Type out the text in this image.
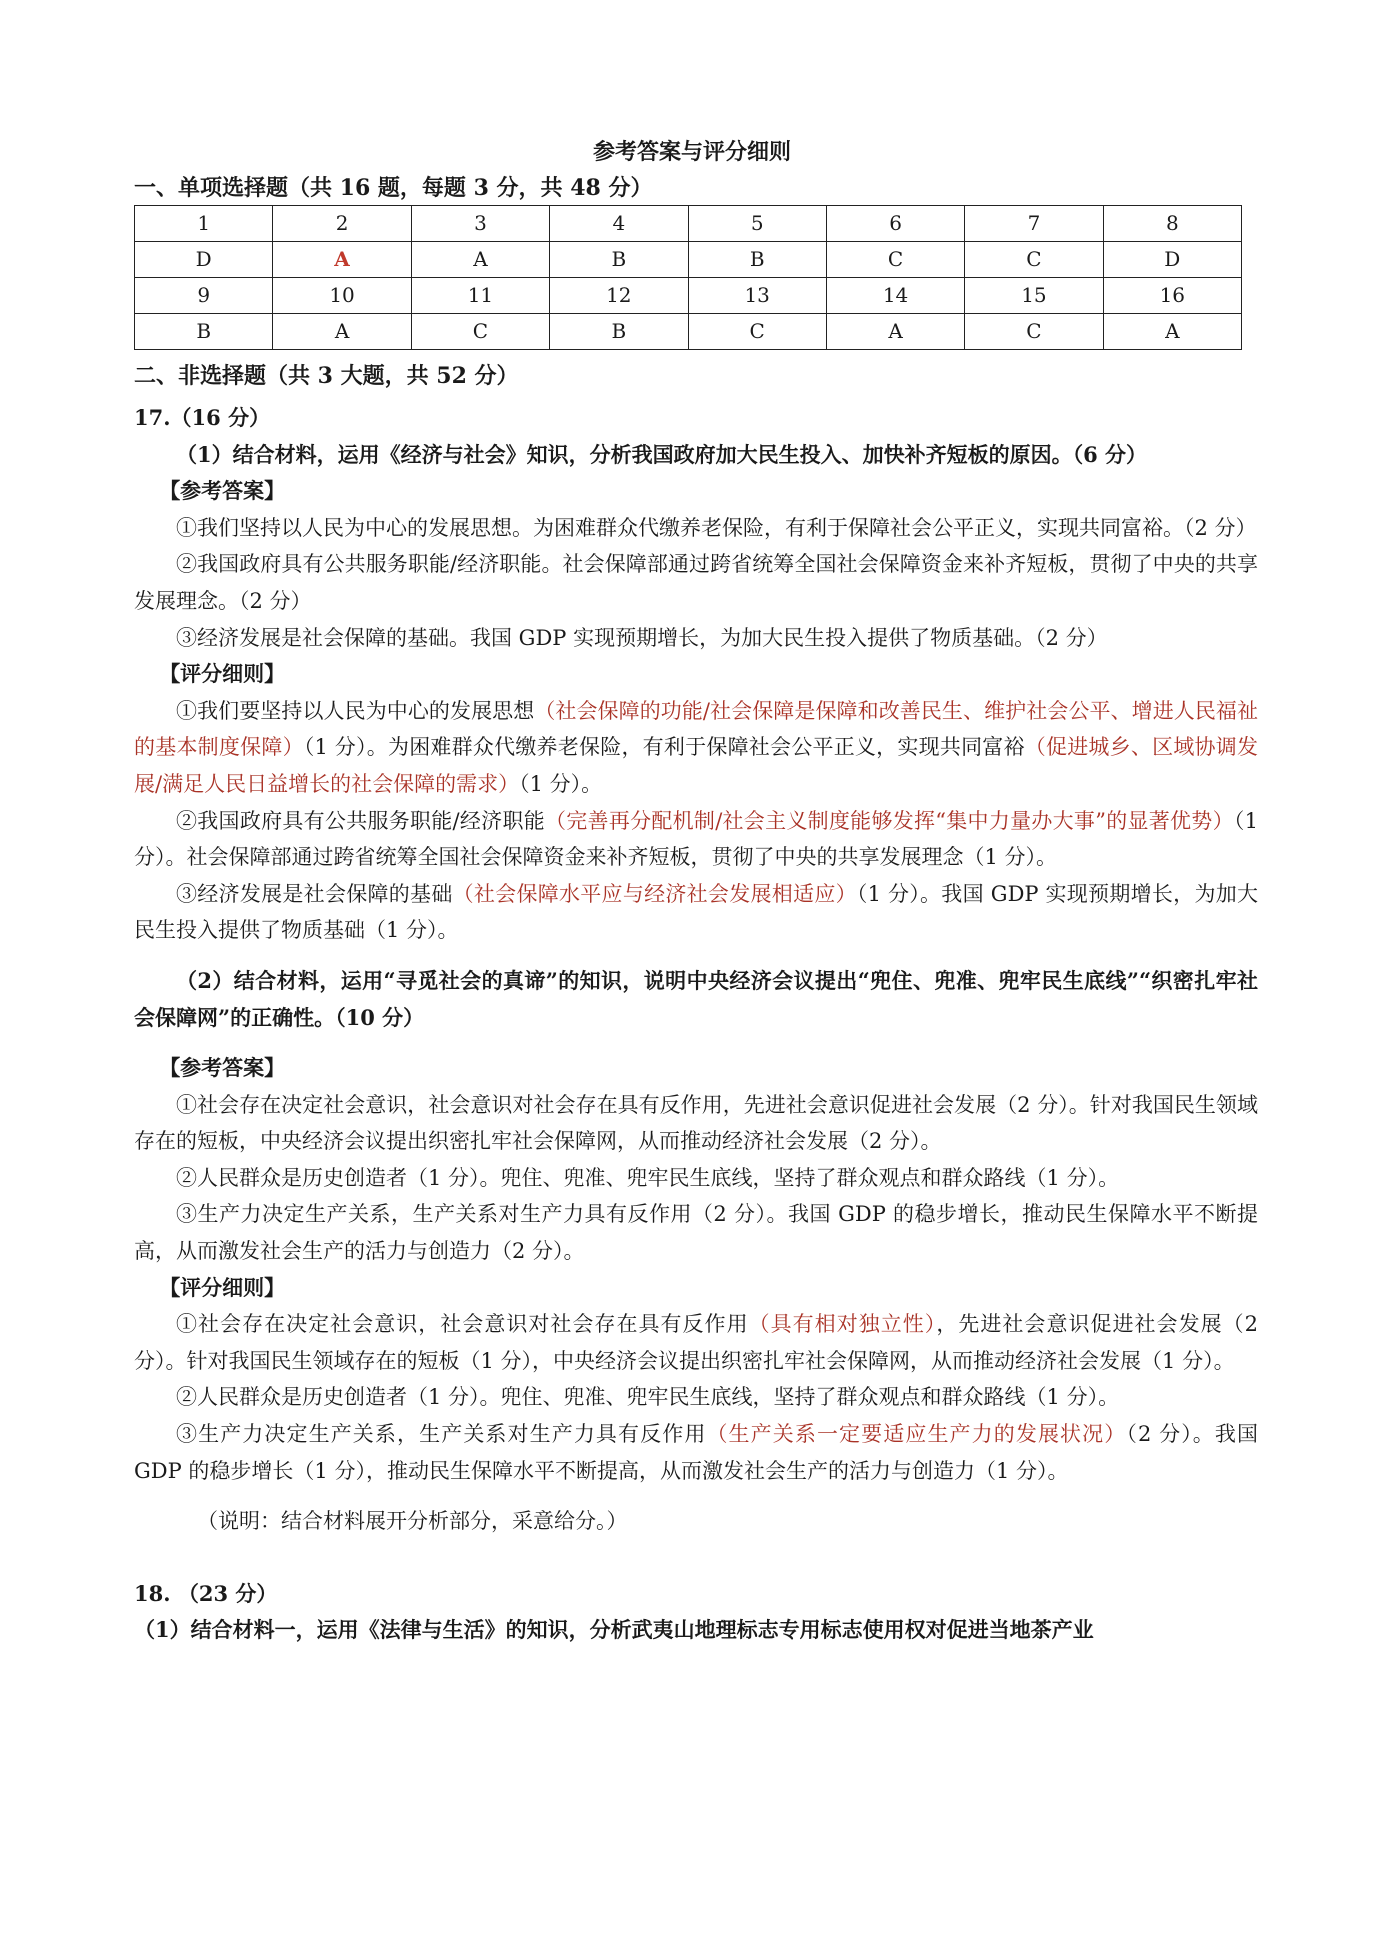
参考答案与评分细则
一、单项选择题（共 16 题，每题 3 分，共 48 分）
1	2	3	4	5	6	7	8
D	A	A	B	B	C	C	D
9	10	11	12	13	14	15	16
B	A	C	B	C	A	C	A
二、非选择题（共 3 大题，共 52 分）

17.（16 分）

（1）结合材料，运用《经济与社会》知识，分析我国政府加大民生投入、加快补齐短板的原因。（6 分）

【参考答案】

①我们坚持以人民为中心的发展思想。为困难群众代缴养老保险，有利于保障社会公平正义，实现共同富裕。（2 分）

②我国政府具有公共服务职能/经济职能。社会保障部通过跨省统筹全国社会保障资金来补齐短板，贯彻了中央的共享发展理念。（2 分）

③经济发展是社会保障的基础。我国 GDP 实现预期增长，为加大民生投入提供了物质基础。（2 分）

【评分细则】

①我们要坚持以人民为中心的发展思想（社会保障的功能/社会保障是保障和改善民生、维护社会公平、增进人民福祉的基本制度保障）（1 分）。为困难群众代缴养老保险，有利于保障社会公平正义，实现共同富裕（促进城乡、区域协调发展/满足人民日益增长的社会保障的需求）（1 分）。

②我国政府具有公共服务职能/经济职能（完善再分配机制/社会主义制度能够发挥“集中力量办大事”的显著优势）（1 分）。社会保障部通过跨省统筹全国社会保障资金来补齐短板，贯彻了中央的共享发展理念（1 分）。

③经济发展是社会保障的基础（社会保障水平应与经济社会发展相适应）（1 分）。我国 GDP 实现预期增长，为加大民生投入提供了物质基础（1 分）。

（2）结合材料，运用“寻觅社会的真谛”的知识，说明中央经济会议提出“兜住、兜准、兜牢民生底线”“织密扎牢社会保障网”的正确性。（10 分）

【参考答案】

①社会存在决定社会意识，社会意识对社会存在具有反作用，先进社会意识促进社会发展（2 分）。针对我国民生领域存在的短板，中央经济会议提出织密扎牢社会保障网，从而推动经济社会发展（2 分）。

②人民群众是历史创造者（1 分）。兜住、兜准、兜牢民生底线，坚持了群众观点和群众路线（1 分）。

③生产力决定生产关系，生产关系对生产力具有反作用（2 分）。我国 GDP 的稳步增长，推动民生保障水平不断提高，从而激发社会生产的活力与创造力（2 分）。

【评分细则】

①社会存在决定社会意识，社会意识对社会存在具有反作用（具有相对独立性），先进社会意识促进社会发展（2 分）。针对我国民生领域存在的短板（1 分），中央经济会议提出织密扎牢社会保障网，从而推动经济社会发展（1 分）。

②人民群众是历史创造者（1 分）。兜住、兜准、兜牢民生底线，坚持了群众观点和群众路线（1 分）。

③生产力决定生产关系，生产关系对生产力具有反作用（生产关系一定要适应生产力的发展状况）（2 分）。我国 GDP 的稳步增长（1 分），推动民生保障水平不断提高，从而激发社会生产的活力与创造力（1 分）。

（说明：结合材料展开分析部分，采意给分。）

18. （23 分）

（1）结合材料一，运用《法律与生活》的知识，分析武夷山地理标志专用标志使用权对促进当地茶产业
